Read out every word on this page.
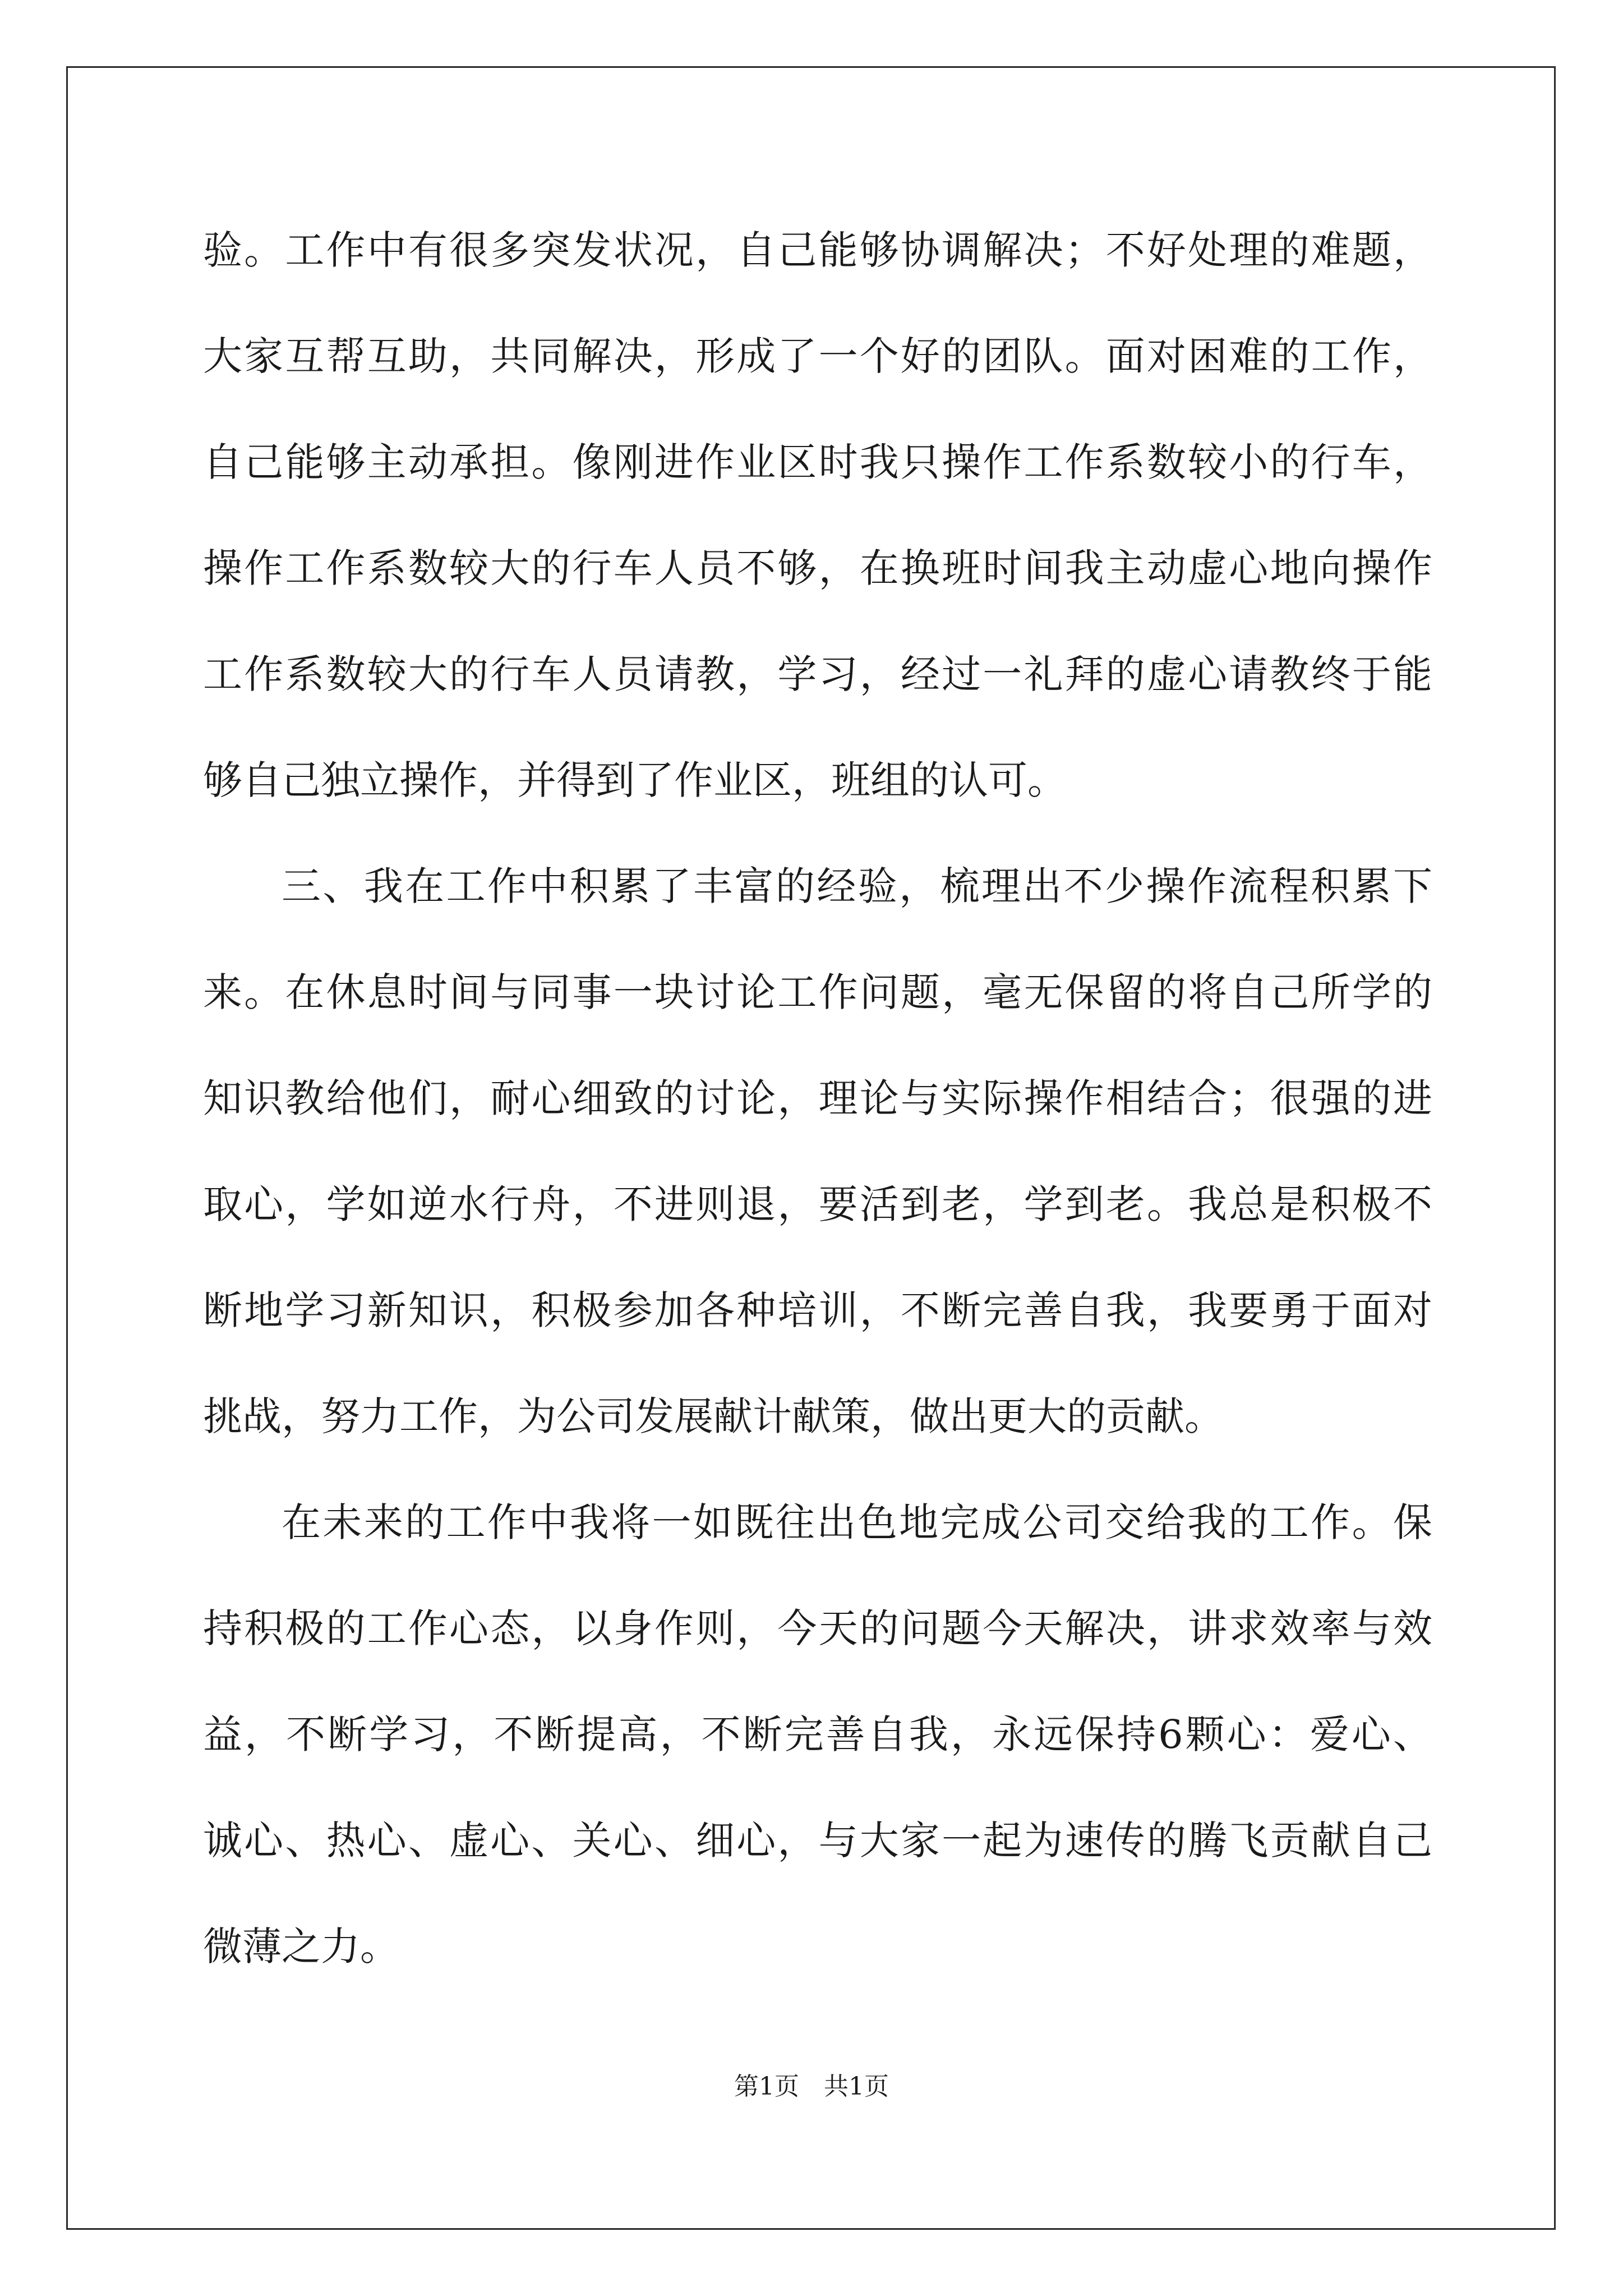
验。工作中有很多突发状况，自己能够协调解决；不好处理的难题，
大家互帮互助，共同解决，形成了一个好的团队。面对困难的工作，
自己能够主动承担。像刚进作业区时我只操作工作系数较小的行车，
操作工作系数较大的行车人员不够，在换班时间我主动虚心地向操作
工作系数较大的行车人员请教，学习，经过一礼拜的虚心请教终于能
够自己独立操作，并得到了作业区，班组的认可。
三、我在工作中积累了丰富的经验，梳理出不少操作流程积累下
来。在休息时间与同事一块讨论工作问题，毫无保留的将自己所学的
知识教给他们，耐心细致的讨论，理论与实际操作相结合；很强的进
取心，学如逆水行舟，不进则退，要活到老，学到老。我总是积极不
断地学习新知识，积极参加各种培训，不断完善自我，我要勇于面对
挑战，努力工作，为公司发展献计献策，做出更大的贡献。
在未来的工作中我将一如既往出色地完成公司交给我的工作。保
持积极的工作心态，以身作则，今天的问题今天解决，讲求效率与效
益，不断学习，不断提高，不断完善自我，永远保持6颗心：爱心、
诚心、热心、虚心、关心、细心，与大家一起为速传的腾飞贡献自己
微薄之力。
第1页 共1页
